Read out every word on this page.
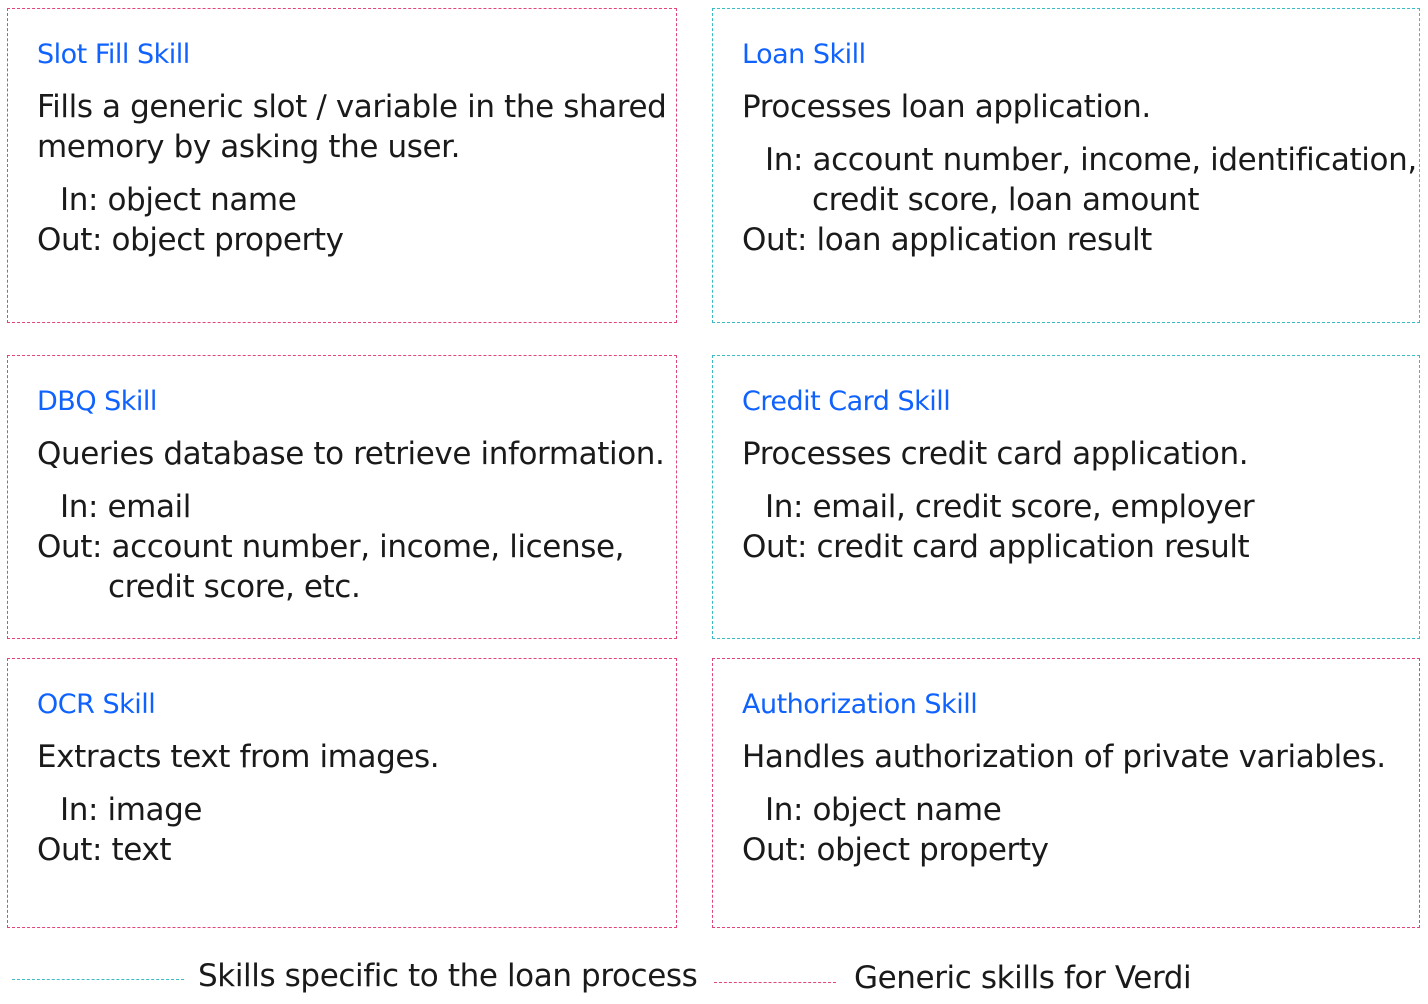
Slot Fill Skill
Fills a generic slot / variable in the shared
memory by asking the user.
In: object name
Out: object property
Loan Skill
Processes loan application.
In: account number, income, identification,
credit score, loan amount
Out: loan application result
DBQ Skill
Queries database to retrieve information.
In: email
Out: account number, income, license,
credit score, etc.
Credit Card Skill
Processes credit card application.
In: email, credit score, employer
Out: credit card application result
OCR Skill
Extracts text from images.
In: image
Out: text
Authorization Skill
Handles authorization of private variables.
In: object name
Out: object property
Skills specific to the loan process	Generic skills for Verdi
